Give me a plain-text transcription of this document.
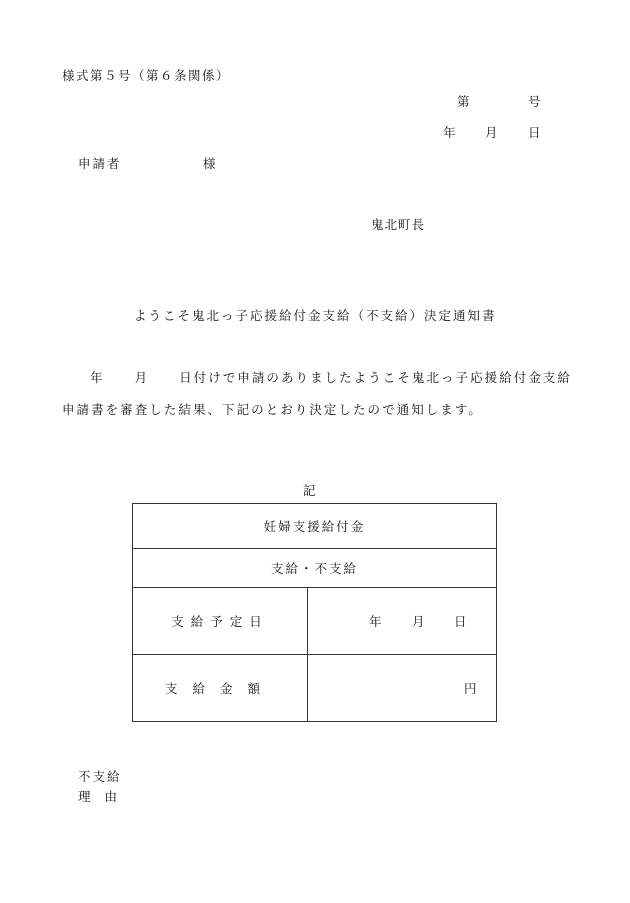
様式第５号（第６条関係）
第	号
年 月 日
申請者	様
鬼北町長
ようこそ鬼北っ子応援給付金支給（不支給）決定通知書
年 月 日付けで申請のありましたようこそ鬼北っ子応援給付金支給
申請書を審査した結果、下記のとおり決定したので通知します。
記
妊婦支援給付金
支給・不支給
支給予定日	年 月 日
支給金額	円
不支給
理由
